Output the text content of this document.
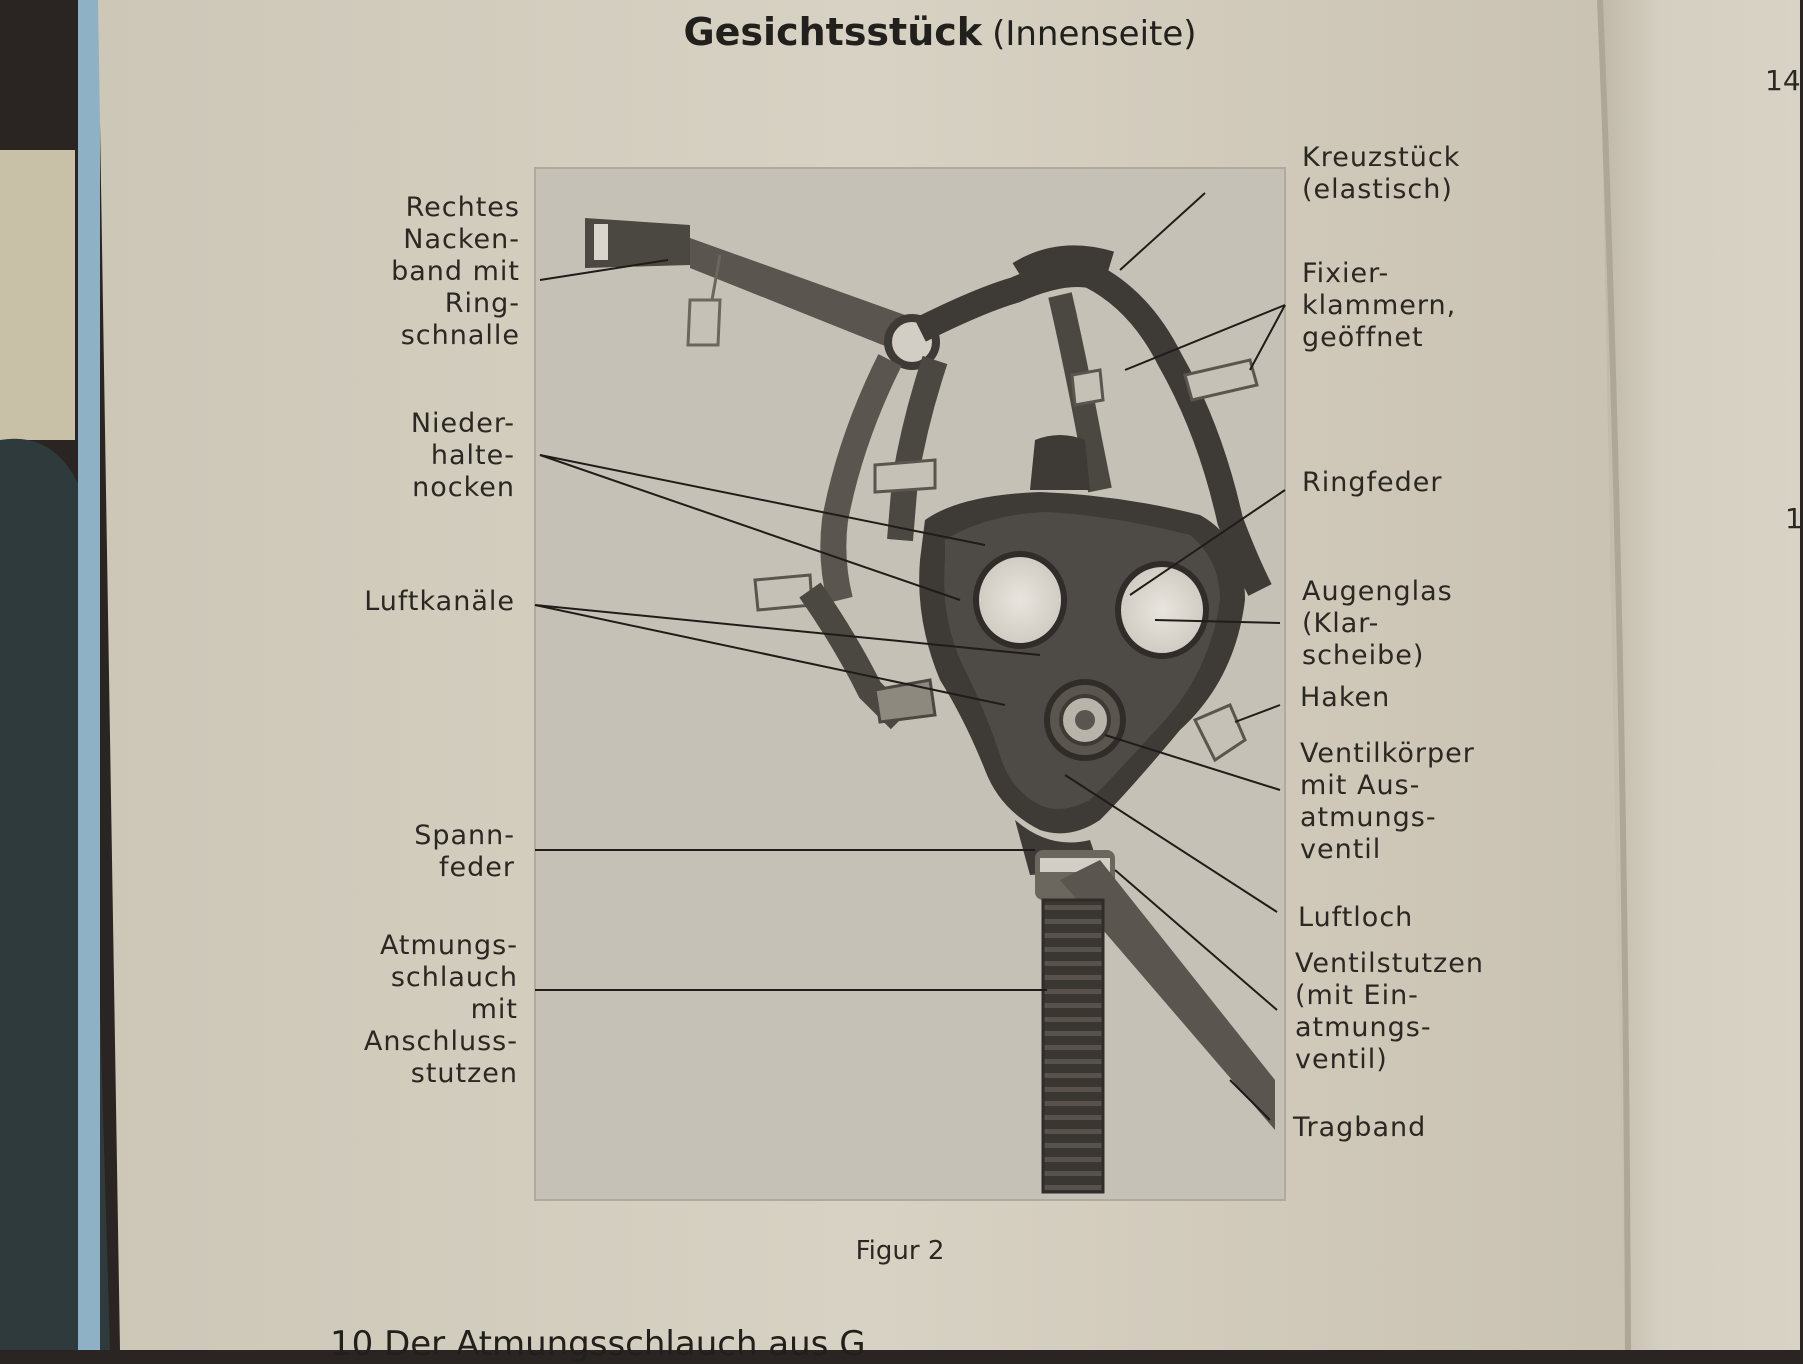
Gesichtsstück (Innenseite)
Rechtes
Nacken-
band mit
Ring-
schnalle
Nieder-
halte-
nocken
Luftkanäle
Spann-
feder
Atmungs-
schlauch
mit
Anschluss-
stutzen
Kreuzstück
(elastisch)
Fixier-
klammern,
geöffnet
Ringfeder
Augenglas
(Klar-
scheibe)
Haken
Ventilkörper
mit Aus-
atmungs-
ventil
Luftloch
Ventilstutzen
(mit Ein-
atmungs-
ventil)
Tragband
Figur 2
14
1
10 Der Atmungsschlauch aus G
